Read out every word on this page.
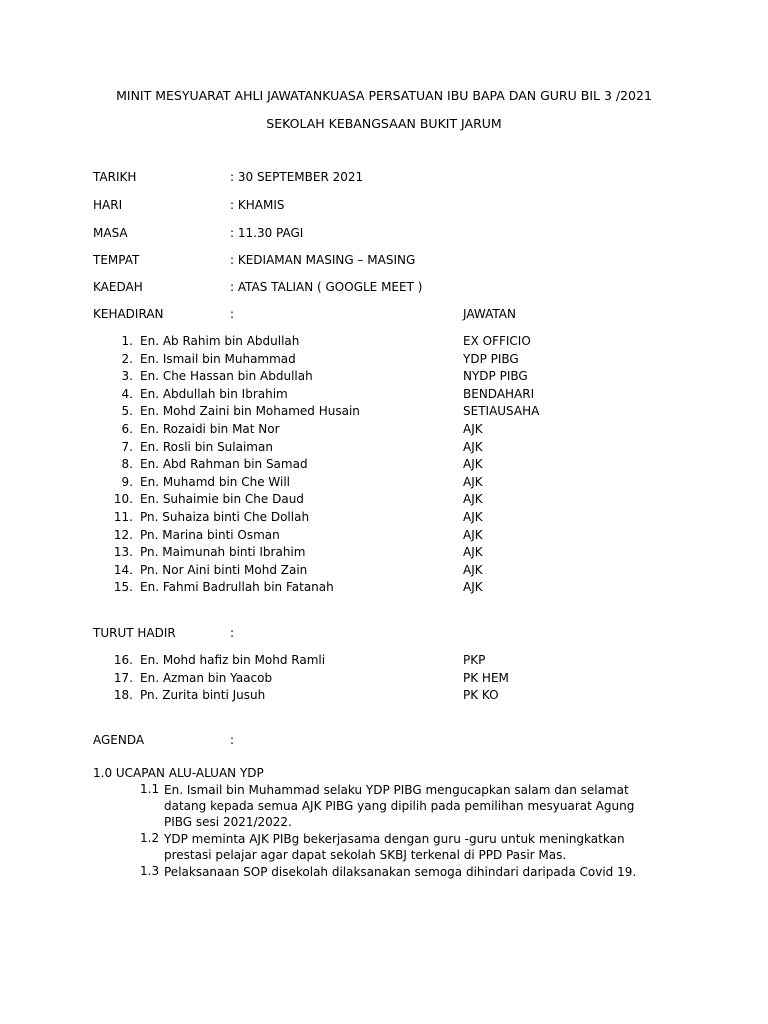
MINIT MESYUARAT AHLI JAWATANKUASA PERSATUAN IBU BAPA DAN GURU BIL 3 /2021
SEKOLAH KEBANGSAAN BUKIT JARUM
TARIKH	: 30 SEPTEMBER 2021
HARI	: KHAMIS
MASA	: 11.30 PAGI
TEMPAT	: KEDIAMAN MASING – MASING
KAEDAH	: ATAS TALIAN ( GOOGLE MEET )
KEHADIRAN	:	JAWATAN
1. En. Ab Rahim bin Abdullah	EX OFFICIO
2. En. Ismail bin Muhammad	YDP PIBG
3. En. Che Hassan bin Abdullah	NYDP PIBG
4. En. Abdullah bin Ibrahim	BENDAHARI
5. En. Mohd Zaini bin Mohamed Husain	SETIAUSAHA
6. En. Rozaidi bin Mat Nor	AJK
7. En. Rosli bin Sulaiman	AJK
8. En. Abd Rahman bin Samad	AJK
9. En. Muhamd bin Che Will	AJK
10. En. Suhaimie bin Che Daud	AJK
11. Pn. Suhaiza binti Che Dollah	AJK
12. Pn. Marina binti Osman	AJK
13. Pn. Maimunah binti Ibrahim	AJK
14. Pn. Nor Aini binti Mohd Zain	AJK
15. En. Fahmi Badrullah bin Fatanah	AJK
TURUT HADIR	:
16. En. Mohd hafiz bin Mohd Ramli	PKP
17. En. Azman bin Yaacob	PK HEM
18. Pn. Zurita binti Jusuh	PK KO
AGENDA	:
1.0 UCAPAN ALU-ALUAN YDP
1.1 En. Ismail bin Muhammad selaku YDP PIBG mengucapkan salam dan selamat datang kepada semua AJK PIBG yang dipilih pada pemilihan mesyuarat Agung PIBG sesi 2021/2022.
1.2 YDP meminta AJK PIBg bekerjasama dengan guru -guru untuk meningkatkan prestasi pelajar agar dapat sekolah SKBJ terkenal di PPD Pasir Mas.
1.3 Pelaksanaan SOP disekolah dilaksanakan semoga dihindari daripada Covid 19.
